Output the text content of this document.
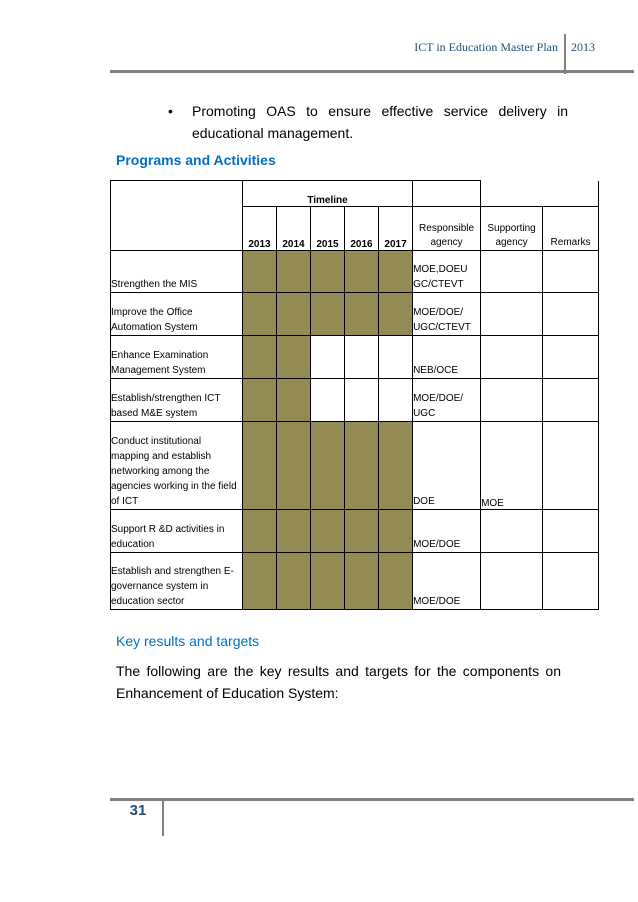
ICT in Education Master Plan 2013
• Promoting OAS to ensure effective service delivery in educational management.
Programs and Activities
	Timeline							
	2013	2014	2015	2016	2017	Responsible agency	Supporting agency	Remarks
Strengthen the MIS						MOE,DOEU GC/CTEVT		
Improve the Office Automation System						MOE/DOE/ UGC/CTEVT		
Enhance Examination Management System						NEB/OCE		
Establish/strengthen ICT based M&E system						MOE/DOE/ UGC		
Conduct institutional mapping and establish networking among the agencies working in the field of ICT						DOE	MOE	
Support R &D activities in education						MOE/DOE		
Establish and strengthen E-governance system in education sector						MOE/DOE		
Key results and targets
The following are the key results and targets for the components on Enhancement of Education System:
31
